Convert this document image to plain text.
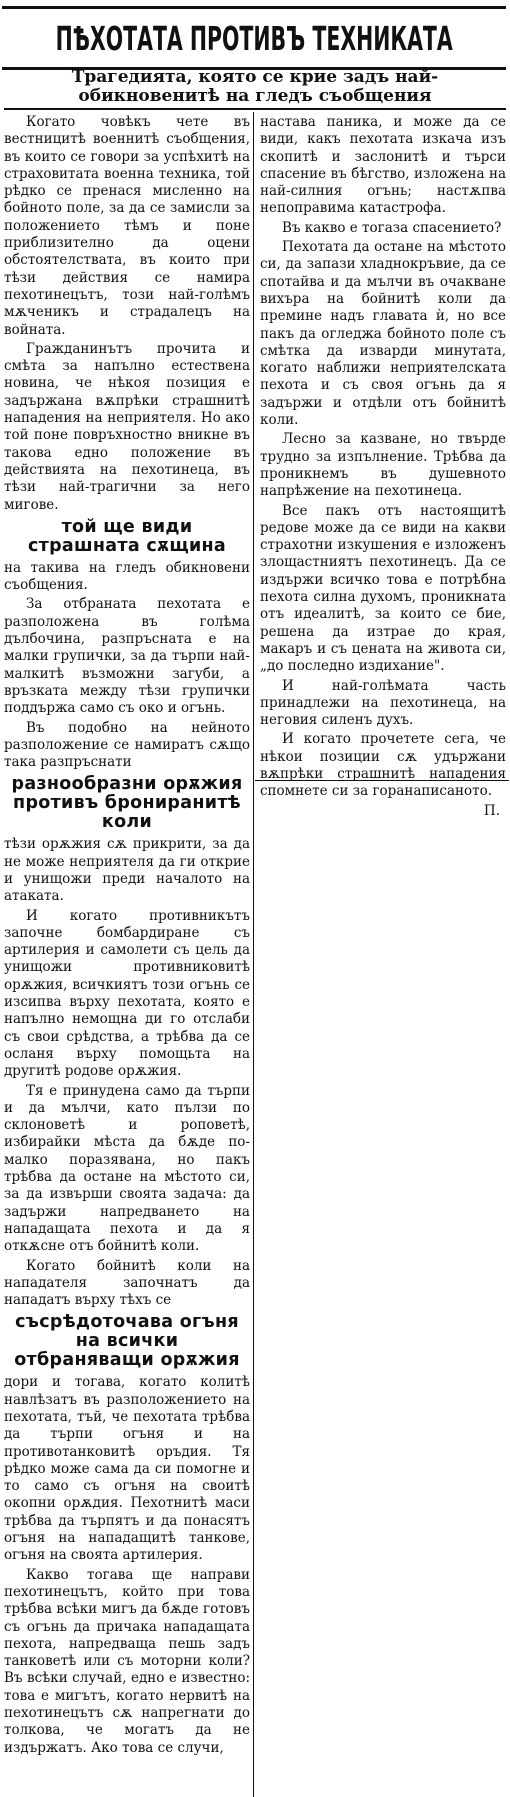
ПѢХОТАТА ПРОТИВЪ ТЕХНИКАТА
Трагедията, която се крие задъ най-обикновенитѣ на гледъ съобщения

Когато човѣкъ чете въ вестницитѣ военнитѣ съобщения, въ които се говори за успѣхитѣ на страховитата военна техника, той рѣдко се пренася мисленно на бойното поле, за да се замисли за положението тѣмъ и поне приблизително да оцени обстоятелствата, въ които при тѣзи действия се намира пехотинецътъ, този най-голѣмъ мѫченикъ и страдалецъ на войната.

Гражданинътъ прочита и смѣта за напълно естествена новина, че нѣкоя позиция е задържана вѫпрѣки страшнитѣ нападения на неприятеля. Но ако той поне повръхностно вникне въ такова едно положение въ действията на пехотинеца, въ тѣзи най-трагични за него мигове.

той ще види страшната сѫщина

на такива на гледъ обикновени съобщения.

За отбраната пехотата е разположена въ голѣма дълбочина, разпръсната е на малки групички, за да търпи най-малкитѣ възможни загуби, а връзката между тѣзи групички поддържа само съ око и огънь.

Въ подобно на нейното разположение се намиратъ сѫщо така разпръснати

разнообразни орѫжия противъ брониранитѣ коли

тѣзи орѫжия сѫ прикрити, за да не може неприятеля да ги открие и унищожи преди началото на атаката.

И когато противникътъ започне бомбардиране съ артилерия и самолети съ цель да унищожи противниковитѣ орѫжия, всичкиятъ този огънь се изсипва върху пехотата, която е напълно немощна ди го отслаби съ свои срѣдства, а трѣбва да се осланя върху помощьта на другитѣ родове орѫжия.

Тя е принудена само да търпи и да мълчи, като пълзи по склоноветѣ и роповетѣ, избирайки мѣста да бѫде по-малко поразявана, но пакъ трѣбва да остане на мѣстото си, за да извърши своята задача: да задържи напредването на нападащата пехота и да я откѫсне отъ бойнитѣ коли.

Когато бойнитѣ коли на нападателя започнатъ да нападатъ върху тѣхъ се

съсрѣдоточава огъня на всички отбраняващи орѫжия

дори и тогава, когато колитѣ навлѣзатъ въ разположението на пехотата, тъй, че пехотата трѣбва да търпи огъня и на противотанковитѣ оръдия. Тя рѣдко може сама да си помогне и то само съ огъня на своитѣ окопни орѫдия. Пехотнитѣ маси трѣбва да търпятъ и да понасятъ огъня на нападащитѣ танкове, огъня на своята артилерия.

Какво тогава ще направи пехотинецътъ, който при това трѣбва всѣки мигъ да бѫде готовъ съ огънь да причака нападащата пехота, напредваща пешь задъ танковетѣ или съ моторни коли? Въ всѣки случай, едно е известно: това е мигътъ, когато нервитѣ на пехотинецътъ сѫ напрегнати до толкова, че могатъ да не издържатъ. Ако това се случи,

настава паника, и може да се види, какъ пехотата изкача изъ скопитѣ и заслонитѣ и търси спасение въ бѣгство, изложена на най-силния огънь; настѫпва непоправима катастрофа.

Въ какво е тогаза спасението?

Пехотата да остане на мѣстото си, да запази хладнокръвие, да се спотайва и да мълчи въ очакване вихъра на бойнитѣ коли да премине надъ главата ѝ, но все пакъ да огледжа бойното поле съ смѣтка да изварди минутата, когато наближи неприятелската пехота и съ своя огънь да я задържи и отдѣли отъ бойнитѣ коли.

Лесно за казване, но твърде трудно за изпълнение. Трѣбва да проникнемъ въ душевното напрѣжение на пехотинеца.

Все пакъ отъ настоящитѣ редове може да се види на какви страхотни изкушения е изложенъ злощастниятъ пехотинецъ. Да се издържи всичко това е потрѣбна пехота силна духомъ, проникната отъ идеалитѣ, за които се бие, решена да изтрае до края, макаръ и съ цената на живота си, „до последно издихание".

И най-голѣмата часть принадлежи на пехотинеца, на неговия силенъ духъ.

И когато прочетете сега, че нѣкои позиции сѫ удържани вѫпрѣки страшнитѣ нападения спомнете си за горанаписаното.

П.
